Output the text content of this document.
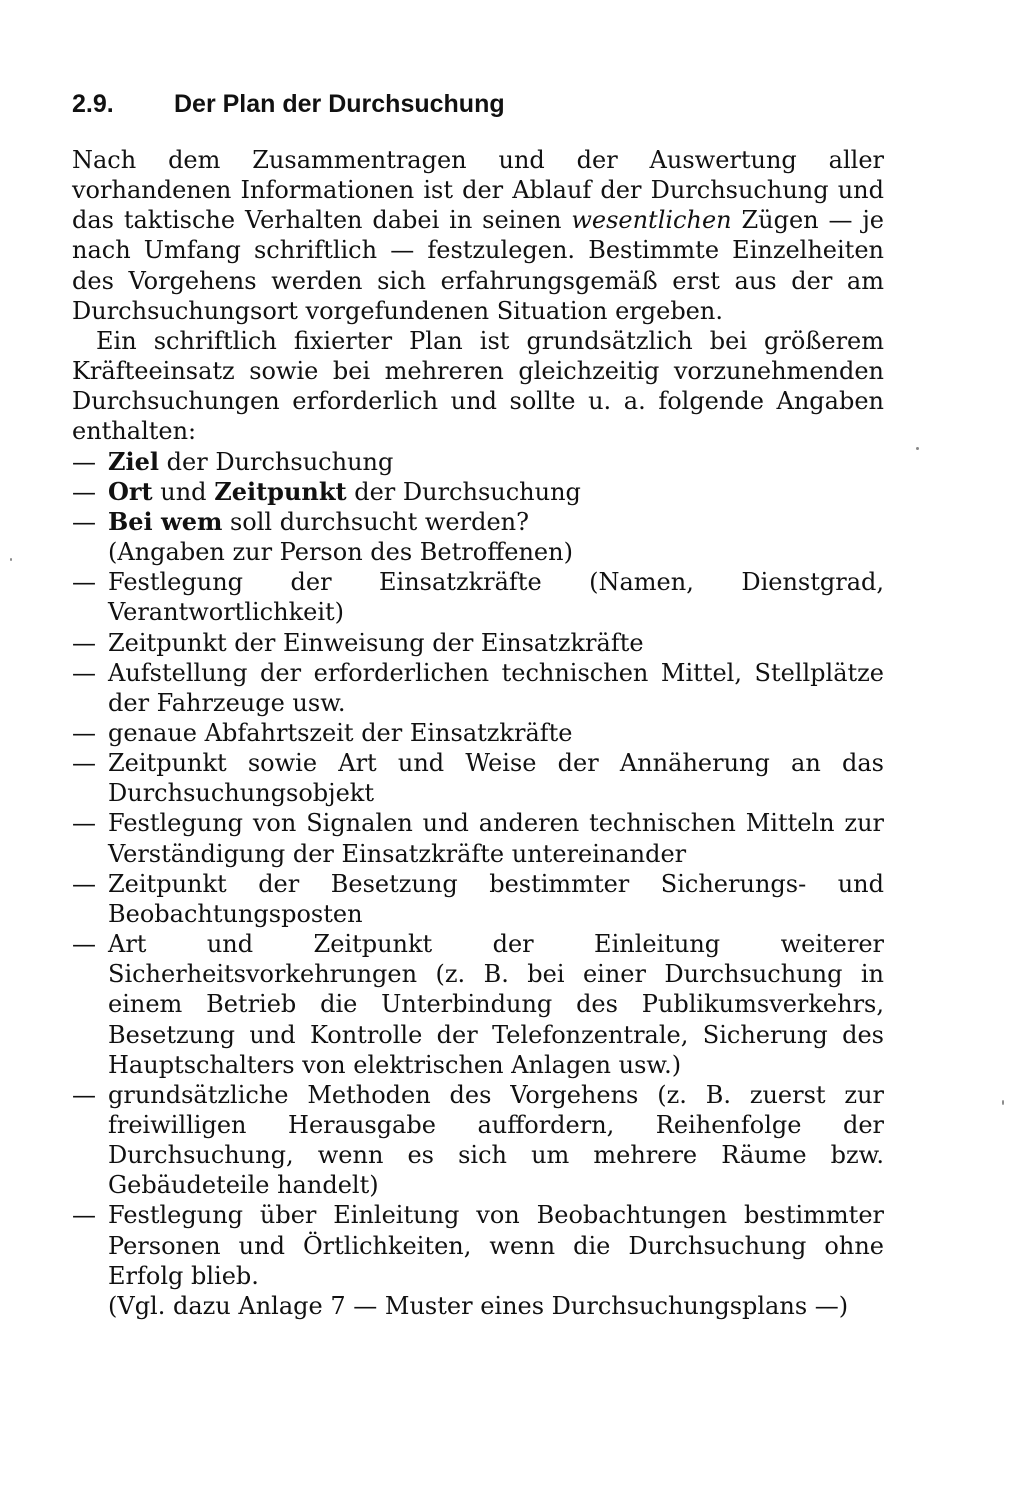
2.9. Der Plan der Durchsuchung

Nach dem Zusammentragen und der Auswertung aller vorhandenen Informationen ist der Ablauf der Durchsuchung und das taktische Verhalten dabei in seinen wesentlichen Zügen — je nach Umfang schriftlich — festzulegen. Bestimmte Einzelheiten des Vorgehens werden sich erfahrungsgemäß erst aus der am Durchsuchungsort vorgefundenen Situation ergeben.

Ein schriftlich fixierter Plan ist grundsätzlich bei größerem Kräfteeinsatz sowie bei mehreren gleichzeitig vorzunehmenden Durchsuchungen erforderlich und sollte u. a. folgende Angaben enthalten:

— Ziel der Durchsuchung
— Ort und Zeitpunkt der Durchsuchung
— Bei wem soll durchsucht werden?
(Angaben zur Person des Betroffenen)
— Festlegung der Einsatzkräfte (Namen, Dienstgrad, Verantwortlichkeit)
— Zeitpunkt der Einweisung der Einsatzkräfte
— Aufstellung der erforderlichen technischen Mittel, Stellplätze der Fahrzeuge usw.
— genaue Abfahrtszeit der Einsatzkräfte
— Zeitpunkt sowie Art und Weise der Annäherung an das Durchsuchungsobjekt
— Festlegung von Signalen und anderen technischen Mitteln zur Verständigung der Einsatzkräfte untereinander
— Zeitpunkt der Besetzung bestimmter Sicherungs- und Beobachtungsposten
— Art und Zeitpunkt der Einleitung weiterer Sicherheitsvorkehrungen (z. B. bei einer Durchsuchung in einem Betrieb die Unterbindung des Publikumsverkehrs, Besetzung und Kontrolle der Telefonzentrale, Sicherung des Hauptschalters von elektrischen Anlagen usw.)
— grundsätzliche Methoden des Vorgehens (z. B. zuerst zur freiwilligen Herausgabe auffordern, Reihenfolge der Durchsuchung, wenn es sich um mehrere Räume bzw. Gebäudeteile handelt)
— Festlegung über Einleitung von Beobachtungen bestimmter Personen und Örtlichkeiten, wenn die Durchsuchung ohne Erfolg blieb.
(Vgl. dazu Anlage 7 — Muster eines Durchsuchungsplans —)
